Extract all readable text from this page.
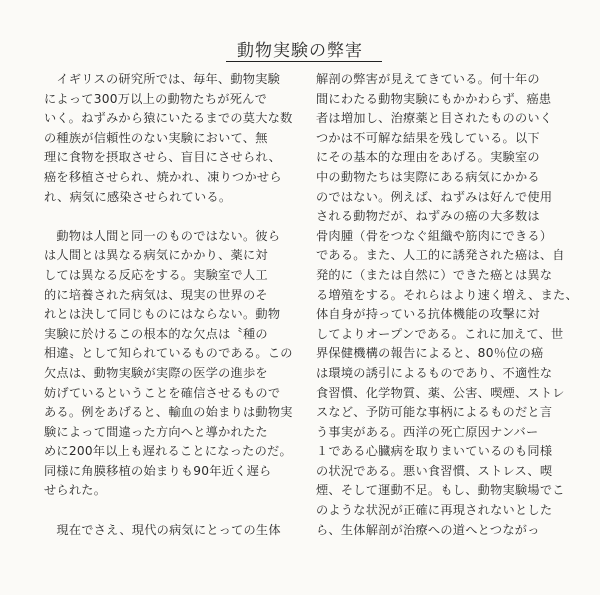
動物実験の弊害
　イギリスの研究所では、毎年、動物実験
によって300万以上の動物たちが死んで
いく。ねずみから猿にいたるまでの莫大な数
の種族が信頼性のない実験において、無
理に食物を摂取させら、盲目にさせられ、
癌を移植させられ、焼かれ、凍りつかせら
れ、病気に感染させられている。
　動物は人間と同一のものではない。彼ら
は人間とは異なる病気にかかり、薬に対
しては異なる反応をする。実験室で人工
的に培養された病気は、現実の世界のそ
れとは決して同じものにはならない。動物
実験に於けるこの根本的な欠点は〝種の
相違〟として知られているものである。この
欠点は、動物実験が実際の医学の進歩を
妨げているということを確信させるもので
ある。例をあげると、輸血の始まりは動物実
験によって間違った方向へと導かれたた
めに200年以上も遅れることになったのだ。
同様に角膜移植の始まりも90年近く遅ら
せられた。
　現在でさえ、現代の病気にとっての生体
解剖の弊害が見えてきている。何十年の
間にわたる動物実験にもかかわらず、癌患
者は増加し、治療薬と目されたもののいく
つかは不可解な結果を残している。以下
にその基本的な理由をあげる。実験室の
中の動物たちは実際にある病気にかかる
のではない。例えば、ねずみは好んで使用
される動物だが、ねずみの癌の大多数は
骨肉腫（骨をつなぐ組織や筋肉にできる）
である。また、人工的に誘発された癌は、自
発的に（または自然に）できた癌とは異な
る増殖をする。それらはより速く増え、また、
体自身が持っている抗体機能の攻撃に対
してよりオープンである。これに加えて、世
界保健機構の報告によると、80％位の癌
は環境の誘引によるものであり、不適性な
食習慣、化学物質、薬、公害、喫煙、ストレ
スなど、予防可能な事柄によるものだと言
う事実がある。西洋の死亡原因ナンバー
１である心臓病を取りまいているのも同様
の状況である。悪い食習慣、ストレス、喫
煙、そして運動不足。もし、動物実験場でこ
のような状況が正確に再現されないとした
ら、生体解剖が治療への道へとつながっ
